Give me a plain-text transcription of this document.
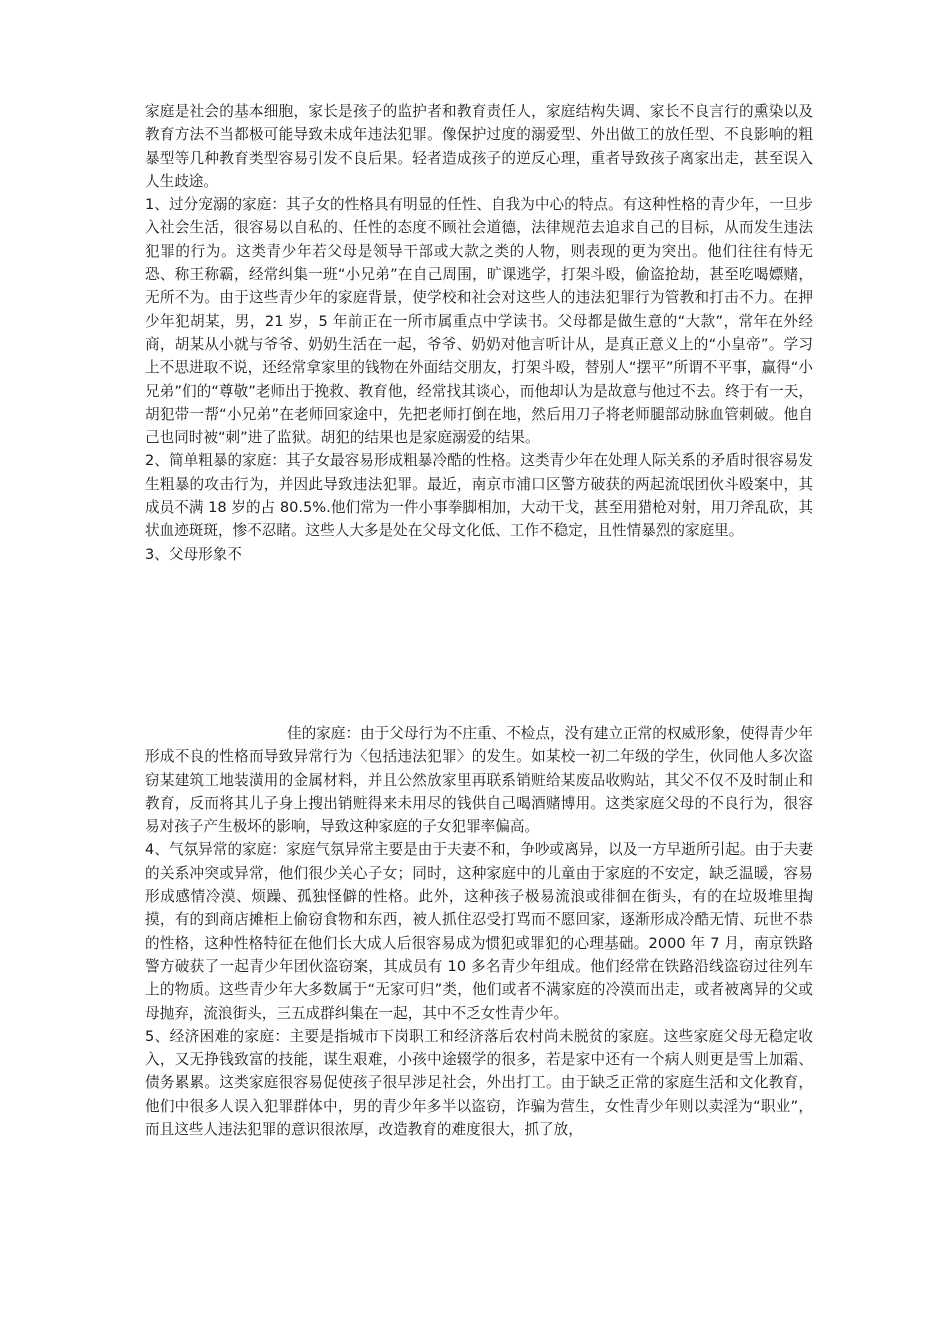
家庭是社会的基本细胞，家长是孩子的监护者和教育责任人，家庭结构失调、家长不良言行的熏染以及教育方法不当都极可能导致未成年违法犯罪。像保护过度的溺爱型、外出做工的放任型、不良影响的粗暴型等几种教育类型容易引发不良后果。轻者造成孩子的逆反心理，重者导致孩子离家出走，甚至误入人生歧途。

1、过分宠溺的家庭：其子女的性格具有明显的任性、自我为中心的特点。有这种性格的青少年，一旦步入社会生活，很容易以自私的、任性的态度不顾社会道德，法律规范去追求自己的目标，从而发生违法犯罪的行为。这类青少年若父母是领导干部或大款之类的人物，则表现的更为突出。他们往往有恃无恐、称王称霸，经常纠集一班“小兄弟”在自己周围，旷课逃学，打架斗殴，偷盗抢劫，甚至吃喝嫖赌，无所不为。由于这些青少年的家庭背景，使学校和社会对这些人的违法犯罪行为管教和打击不力。在押少年犯胡某，男，21 岁，5 年前正在一所市属重点中学读书。父母都是做生意的“大款”，常年在外经商，胡某从小就与爷爷、奶奶生活在一起，爷爷、奶奶对他言听计从，是真正意义上的“小皇帝”。学习上不思进取不说，还经常拿家里的钱物在外面结交朋友，打架斗殴，替别人“摆平”所谓不平事，赢得“小兄弟”们的“尊敬”老师出于挽救、教育他，经常找其谈心，而他却认为是故意与他过不去。终于有一天，胡犯带一帮“小兄弟”在老师回家途中，先把老师打倒在地，然后用刀子将老师腿部动脉血管刺破。他自己也同时被“刺”进了监狱。胡犯的结果也是家庭溺爱的结果。

2、简单粗暴的家庭：其子女最容易形成粗暴冷酷的性格。这类青少年在处理人际关系的矛盾时很容易发生粗暴的攻击行为，并因此导致违法犯罪。最近，南京市浦口区警方破获的两起流氓团伙斗殴案中，其成员不满 18 岁的占 80.5%.他们常为一件小事拳脚相加，大动干戈，甚至用猎枪对射，用刀斧乱砍，其状血迹斑斑，惨不忍睹。这些人大多是处在父母文化低、工作不稳定，且性情暴烈的家庭里。

3、父母形象不

佳的家庭：由于父母行为不庄重、不检点，没有建立正常的权威形象，使得青少年形成不良的性格而导致异常行为〈包括违法犯罪〉的发生。如某校一初二年级的学生，伙同他人多次盗窃某建筑工地装潢用的金属材料，并且公然放家里再联系销赃给某废品收购站，其父不仅不及时制止和教育，反而将其儿子身上搜出销赃得来未用尽的钱供自己喝酒赌博用。这类家庭父母的不良行为，很容易对孩子产生极坏的影响，导致这种家庭的子女犯罪率偏高。

4、气氛异常的家庭：家庭气氛异常主要是由于夫妻不和，争吵或离异，以及一方早逝所引起。由于夫妻的关系冲突或异常，他们很少关心子女；同时，这种家庭中的儿童由于家庭的不安定，缺乏温暖，容易形成感情冷漠、烦躁、孤独怪僻的性格。此外，这种孩子极易流浪或徘徊在街头，有的在垃圾堆里掏摸，有的到商店摊柜上偷窃食物和东西，被人抓住忍受打骂而不愿回家，逐渐形成冷酷无情、玩世不恭的性格，这种性格特征在他们长大成人后很容易成为惯犯或罪犯的心理基础。2000 年 7 月，南京铁路警方破获了一起青少年团伙盗窃案，其成员有 10 多名青少年组成。他们经常在铁路沿线盗窃过往列车上的物质。这些青少年大多数属于“无家可归”类，他们或者不满家庭的冷漠而出走，或者被离异的父或母抛弃，流浪街头，三五成群纠集在一起，其中不乏女性青少年。

5、经济困难的家庭：主要是指城市下岗职工和经济落后农村尚未脱贫的家庭。这些家庭父母无稳定收入，又无挣钱致富的技能，谋生艰难，小孩中途辍学的很多，若是家中还有一个病人则更是雪上加霜、债务累累。这类家庭很容易促使孩子很早涉足社会，外出打工。由于缺乏正常的家庭生活和文化教育，他们中很多人误入犯罪群体中，男的青少年多半以盗窃，诈骗为营生，女性青少年则以卖淫为“职业”，而且这些人违法犯罪的意识很浓厚，改造教育的难度很大，抓了放，
